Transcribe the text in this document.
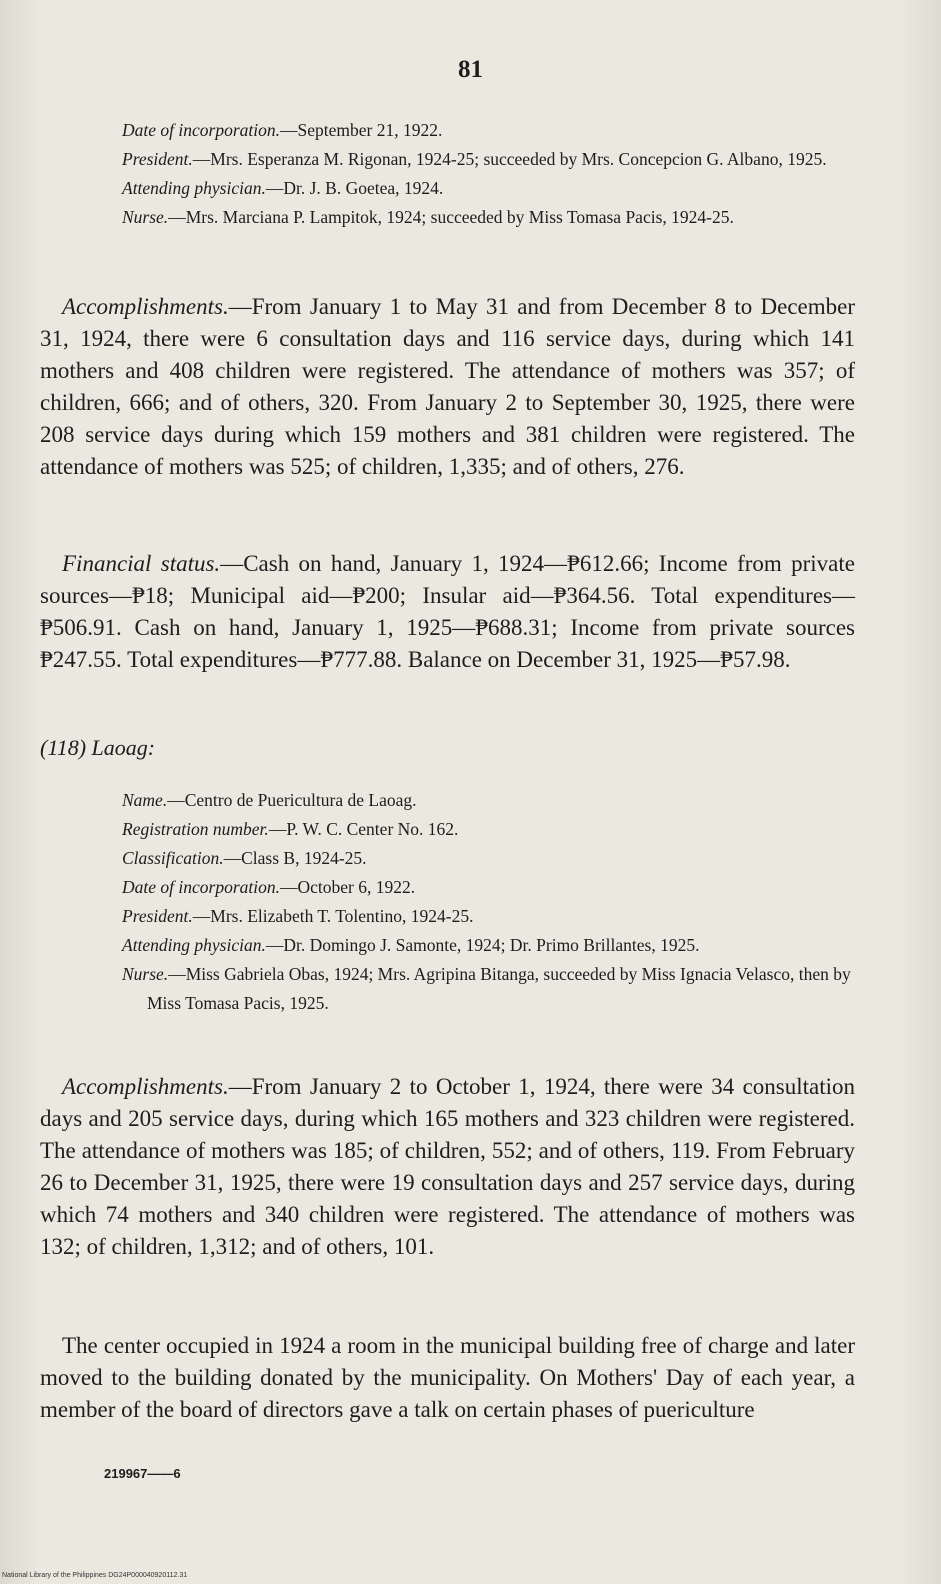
81

Date of incorporation.—September 21, 1922.

President.—Mrs. Esperanza M. Rigonan, 1924-25; succeeded by Mrs. Concepcion G. Albano, 1925.

Attending physician.—Dr. J. B. Goetea, 1924.

Nurse.—Mrs. Marciana P. Lampitok, 1924; succeeded by Miss Tomasa Pacis, 1924-25.

Accomplishments.—From January 1 to May 31 and from December 8 to December 31, 1924, there were 6 consultation days and 116 service days, during which 141 mothers and 408 children were registered. The attendance of mothers was 357; of children, 666; and of others, 320. From January 2 to September 30, 1925, there were 208 service days during which 159 mothers and 381 children were registered. The attendance of mothers was 525; of children, 1,335; and of others, 276.

Financial status.—Cash on hand, January 1, 1924—₱612.66; Income from private sources—₱18; Municipal aid—₱200; Insular aid—₱364.56. Total expenditures—₱506.91. Cash on hand, January 1, 1925—₱688.31; Income from private sources ₱247.55. Total expenditures—₱777.88. Balance on December 31, 1925—₱57.98.

(118) Laoag:

Name.—Centro de Puericultura de Laoag.

Registration number.—P. W. C. Center No. 162.

Classification.—Class B, 1924-25.

Date of incorporation.—October 6, 1922.

President.—Mrs. Elizabeth T. Tolentino, 1924-25.

Attending physician.—Dr. Domingo J. Samonte, 1924; Dr. Primo Brillantes, 1925.

Nurse.—Miss Gabriela Obas, 1924; Mrs. Agripina Bitanga, succeeded by Miss Ignacia Velasco, then by Miss Tomasa Pacis, 1925.

Accomplishments.—From January 2 to October 1, 1924, there were 34 consultation days and 205 service days, during which 165 mothers and 323 children were registered. The attendance of mothers was 185; of children, 552; and of others, 119. From February 26 to December 31, 1925, there were 19 consultation days and 257 service days, during which 74 mothers and 340 children were registered. The attendance of mothers was 132; of children, 1,312; and of others, 101.

The center occupied in 1924 a room in the municipal building free of charge and later moved to the building donated by the municipality. On Mothers' Day of each year, a member of the board of directors gave a talk on certain phases of puericulture

219967——6
National Library of the Philippines DG24P000040920112.31
